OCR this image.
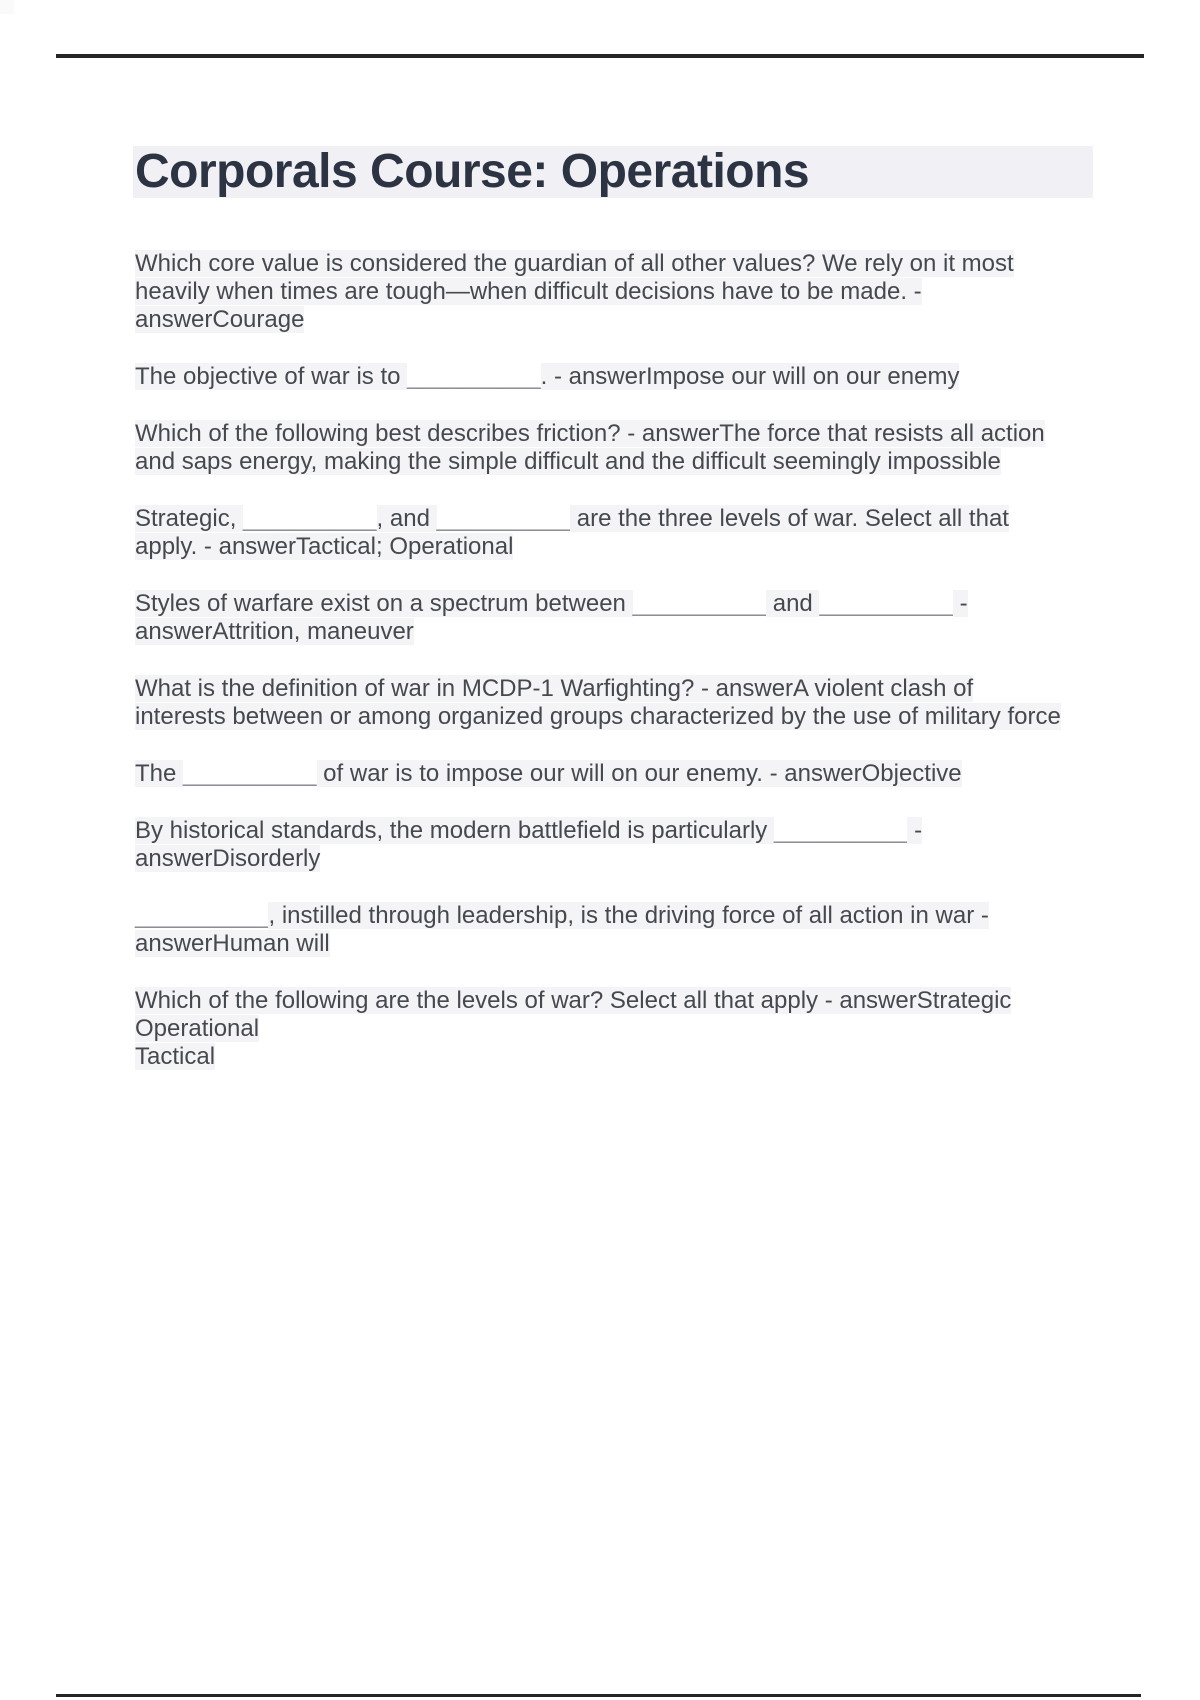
Corporals Course: Operations

Which core value is considered the guardian of all other values? We rely on it most heavily when times are tough—when difficult decisions have to be made. - answerCourage

The objective of war is to __________. - answerImpose our will on our enemy

Which of the following best describes friction? - answerThe force that resists all action and saps energy, making the simple difficult and the difficult seemingly impossible

Strategic, __________, and __________ are the three levels of war. Select all that apply. - answerTactical; Operational

Styles of warfare exist on a spectrum between __________ and __________ - answerAttrition, maneuver

What is the definition of war in MCDP-1 Warfighting? - answerA violent clash of interests between or among organized groups characterized by the use of military force

The __________ of war is to impose our will on our enemy. - answerObjective

By historical standards, the modern battlefield is particularly __________ - answerDisorderly

__________, instilled through leadership, is the driving force of all action in war - answerHuman will

Which of the following are the levels of war? Select all that apply - answerStrategic
Operational
Tactical
